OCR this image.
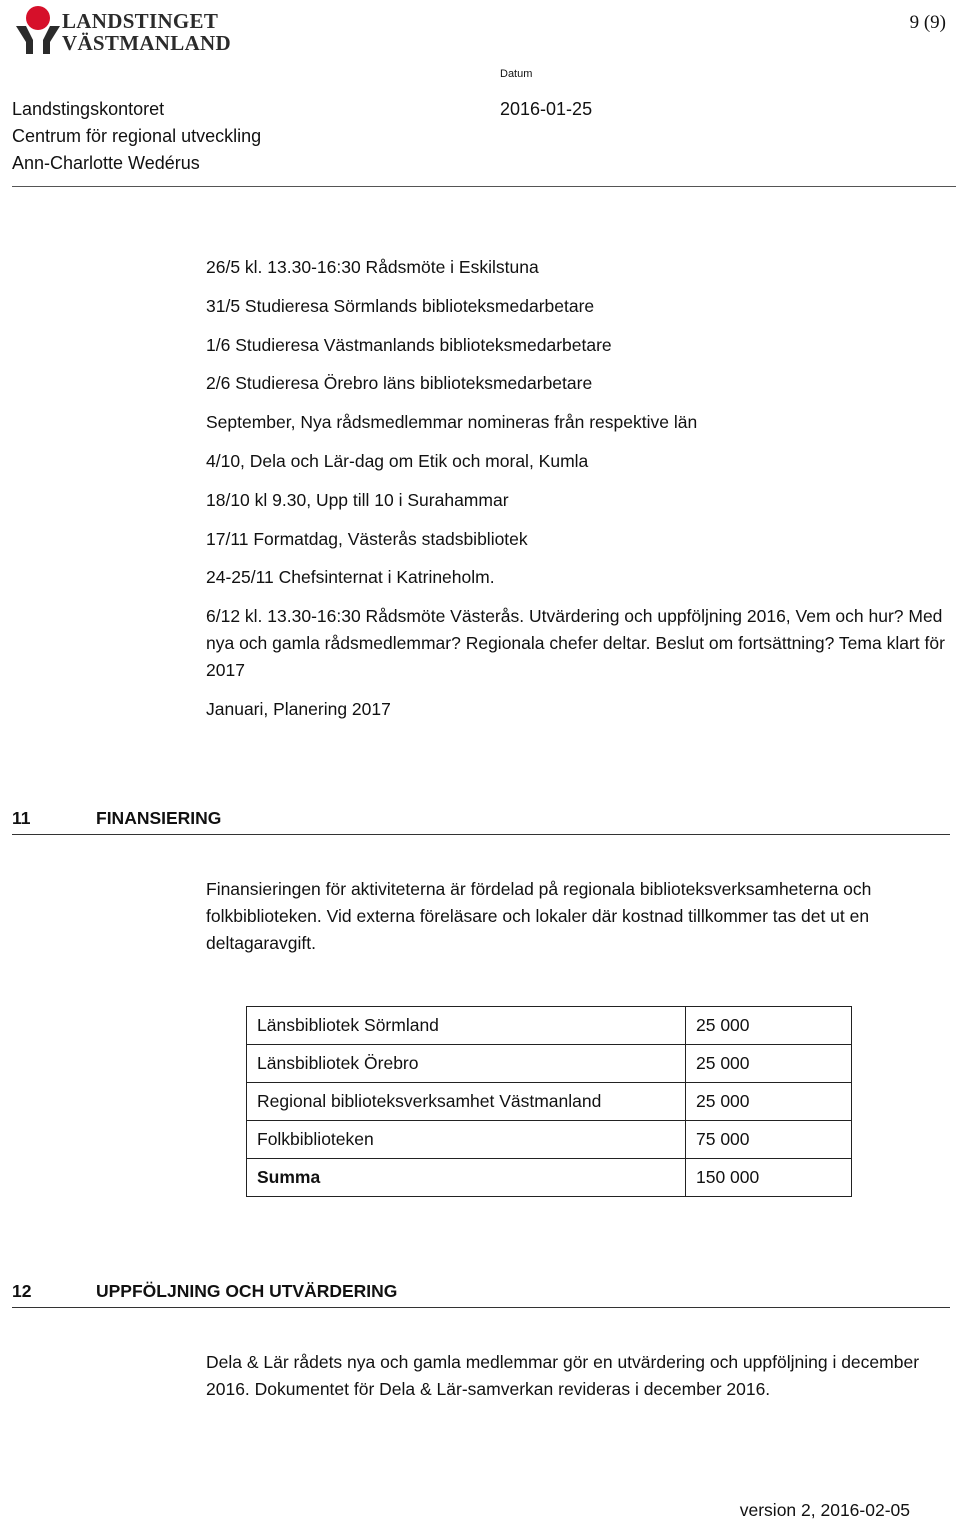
LANDSTINGET
VÄSTMANLAND
9 (9)
Landstingskontoret
Centrum för regional utveckling
Ann-Charlotte Wedérus
Datum
2016-01-25
26/5 kl. 13.30-16:30 Rådsmöte i Eskilstuna
31/5 Studieresa Sörmlands biblioteksmedarbetare
1/6 Studieresa Västmanlands biblioteksmedarbetare
2/6 Studieresa Örebro läns biblioteksmedarbetare
September, Nya rådsmedlemmar nomineras från respektive län
4/10, Dela och Lär-dag om Etik och moral, Kumla
18/10 kl 9.30, Upp till 10 i Surahammar
17/11 Formatdag, Västerås stadsbibliotek
24-25/11 Chefsinternat i Katrineholm.
6/12 kl. 13.30-16:30 Rådsmöte Västerås. Utvärdering och uppföljning 2016, Vem och hur? Med nya och gamla rådsmedlemmar? Regionala chefer deltar. Beslut om fortsättning? Tema klart för 2017
Januari, Planering 2017
11	FINANSIERING
Finansieringen för aktiviteterna är fördelad på regionala biblioteksverksamheterna och folkbiblioteken. Vid externa föreläsare och lokaler där kostnad tillkommer tas det ut en deltagaravgift.
Länsbibliotek Sörmland	25 000
Länsbibliotek Örebro	25 000
Regional biblioteksverksamhet Västmanland	25 000
Folkbiblioteken	75 000
Summa	150 000
12	UPPFÖLJNING OCH UTVÄRDERING
Dela & Lär rådets nya och gamla medlemmar gör en utvärdering och uppföljning i december 2016. Dokumentet för Dela & Lär-samverkan revideras i december 2016.
version 2, 2016-02-05
